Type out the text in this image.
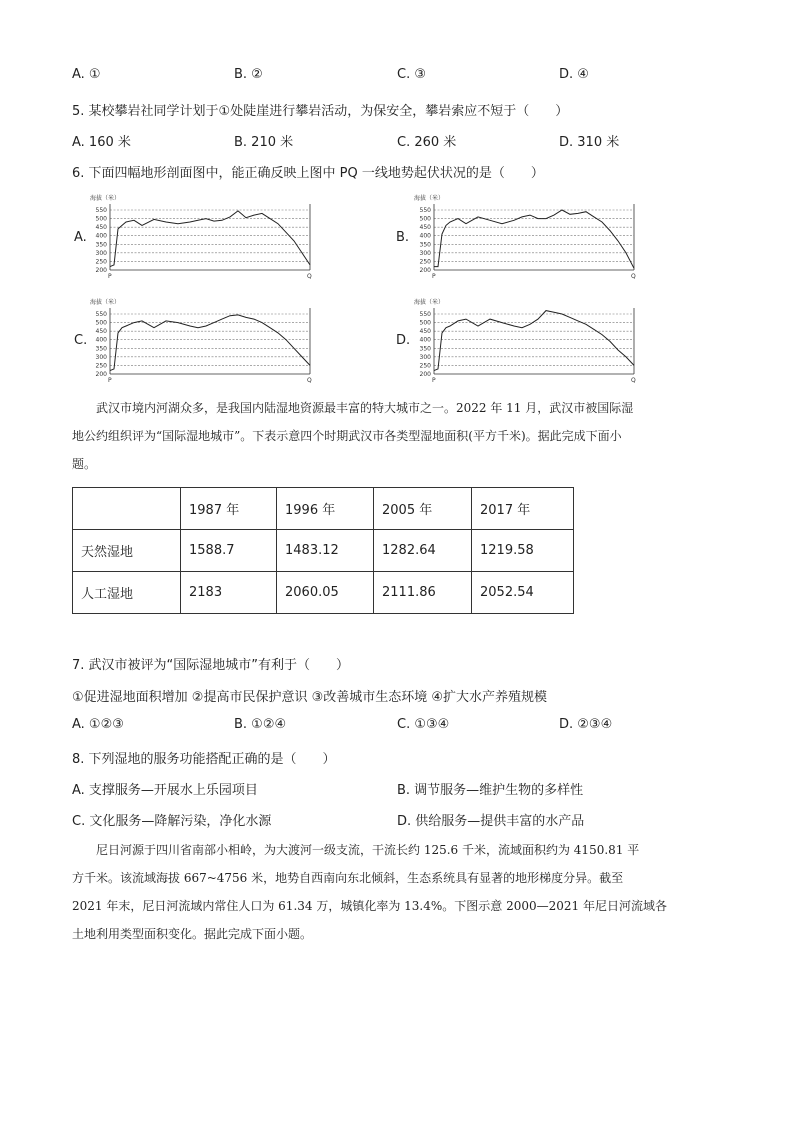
A. ①	B. ②	C. ③	D. ④
5. 某校攀岩社同学计划于①处陡崖进行攀岩活动，为保安全，攀岩索应不短于（　　）
A. 160 米	B. 210 米	C. 260 米	D. 310 米
6. 下面四幅地形剖面图中，能正确反映上图中 PQ 一线地势起伏状况的是（　　）
A.	B.
C.	D.
海拔（米）
200
250
300
350
400
450
500
550
P	Q
海拔（米）
200
250
300
350
400
450
500
550
P	Q
海拔（米）
200
250
300
350
400
450
500
550
P	Q
海拔（米）
200
250
300
350
400
450
500
550
P	Q
武汉市境内河湖众多，是我国内陆湿地资源最丰富的特大城市之一。2022 年 11 月，武汉市被国际湿
地公约组织评为“国际湿地城市”。下表示意四个时期武汉市各类型湿地面积(平方千米)。据此完成下面小
题。
	1987 年	1996 年	2005 年	2017 年
天然湿地	1588.7	1483.12	1282.64	1219.58
人工湿地	2183	2060.05	2111.86	2052.54
7. 武汉市被评为“国际湿地城市”有利于（　　）
①促进湿地面积增加 ②提高市民保护意识 ③改善城市生态环境 ④扩大水产养殖规模
A. ①②③	B. ①②④	C. ①③④	D. ②③④
8. 下列湿地的服务功能搭配正确的是（　　）
A. 支撑服务—开展水上乐园项目	B. 调节服务—维护生物的多样性
C. 文化服务—降解污染，净化水源	D. 供给服务—提供丰富的水产品
尼日河源于四川省南部小相岭，为大渡河一级支流，干流长约 125.6 千米，流域面积约为 4150.81 平
方千米。该流域海拔 667~4756 米，地势自西南向东北倾斜，生态系统具有显著的地形梯度分异。截至
2021 年末，尼日河流域内常住人口为 61.34 万，城镇化率为 13.4%。下图示意 2000—2021 年尼日河流域各
土地利用类型面积变化。据此完成下面小题。
